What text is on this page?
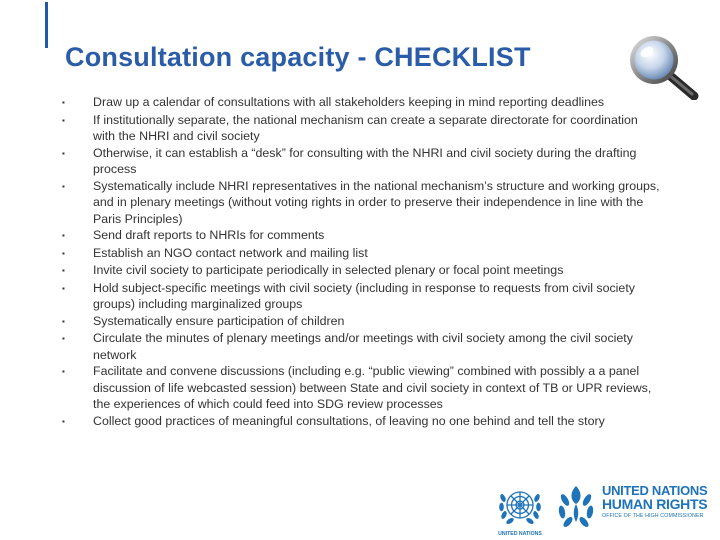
Consultation capacity - CHECKLIST
▪	Draw up a calendar of consultations with all stakeholders keeping in mind reporting deadlines
▪	If institutionally separate, the national mechanism can create a separate directorate for coordination with the NHRI and civil society
▪	Otherwise, it can establish a “desk” for consulting with the NHRI and civil society during the drafting process
▪	Systematically include NHRI representatives in the national mechanism’s structure and working groups, and in plenary meetings (without voting rights in order to preserve their independence in line with the Paris Principles)
▪	Send draft reports to NHRIs for comments
▪	Establish an NGO contact network and mailing list
▪	Invite civil society to participate periodically in selected plenary or focal point meetings
▪	Hold subject-specific meetings with civil society (including in response to requests from civil society groups) including marginalized groups
▪	Systematically ensure participation of children
▪	Circulate the minutes of plenary meetings and/or meetings with civil society among the civil society network
▪	Facilitate and convene discussions (including e.g. “public viewing” combined with possibly a a panel discussion of life webcasted session) between State and civil society in context of TB or UPR reviews, the experiences of which could feed into SDG review processes
▪	Collect good practices of meaningful consultations, of leaving no one behind and tell the story
UNITED NATIONS
UNITED NATIONS
HUMAN RIGHTS
OFFICE OF THE HIGH COMMISSIONER
